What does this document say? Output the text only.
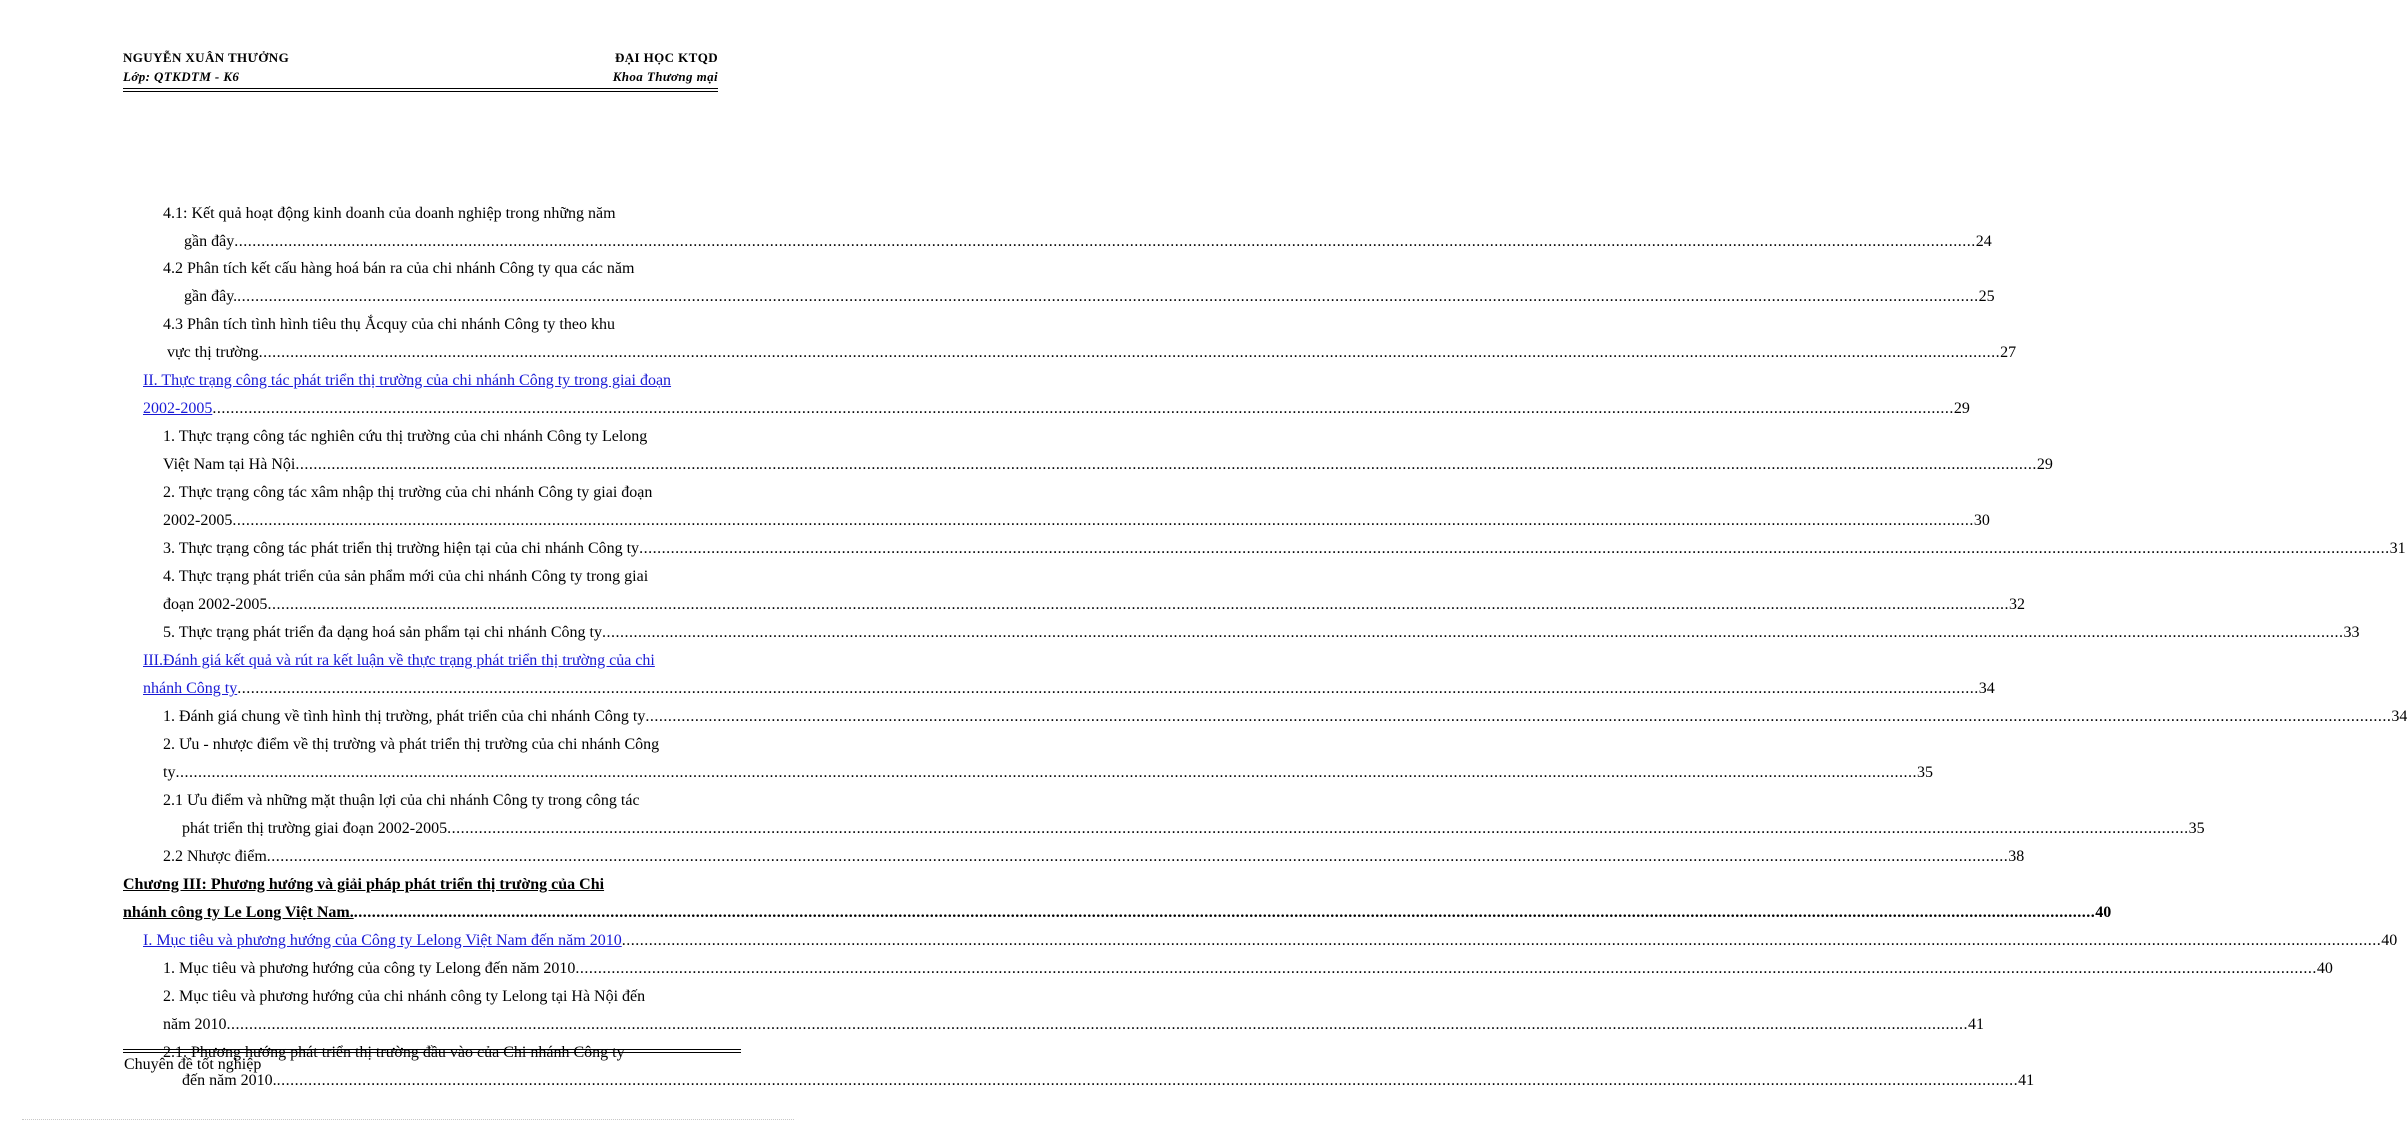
NGUYỄN XUÂN THƯỞNG	ĐẠI HỌC KTQD
Lớp: QTKDTM - K6	Khoa Thương mại
4.1: Kết quả hoạt động kinh doanh của doanh nghiệp trong những năm
gần đây .....	24
4.2 Phân tích kết cấu hàng hoá bán ra của chi nhánh Công ty qua các năm
gần đây. .....	25
4.3 Phân tích tình hình tiêu thụ Ắcquy của chi nhánh Công ty theo khu
vực thị trường .....	27
II. Thực trạng công tác phát triển thị trường của chi nhánh Công ty trong giai đoạn
2002-2005 .....	29
1. Thực trạng công tác nghiên cứu thị trường của chi nhánh Công ty Lelong
Việt Nam tại Hà Nội .....	29
2. Thực trạng công tác xâm nhập thị trường của chi nhánh Công ty giai đoạn
2002-2005 .....	30
3. Thực trạng công tác phát triển thị trường hiện tại của chi nhánh Công ty	..... .. 31
4. Thực trạng phát triển của sản phẩm mới của chi nhánh Công ty trong giai
đoạn 2002-2005 .....	32
5. Thực trạng phát triển đa dạng hoá sản phẩm tại chi nhánh Công ty .....	33
III.Đánh giá kết quả và rút ra kết luận về thực trạng phát triển thị trường của chi
nhánh Công ty .....	34
1. Đánh giá chung về tình hình thị trường, phát triển của chi nhánh Công ty	..... . 34
2. Ưu - nhược điểm về thị trường và phát triển thị trường của chi nhánh Công
ty .....	35
2.1 Ưu điểm và những mặt thuận lợi của chi nhánh Công ty trong công tác
phát triển thị trường giai đoạn 2002-2005 .....	35
2.2 Nhược điểm .....	38
Chương III: Phương hướng và giải pháp phát triển thị trường của Chi
nhánh công ty Le Long Việt Nam. .....	40
I. Mục tiêu và phương hướng của Công ty Lelong Việt Nam đến năm 2010	..... .... 40
1. Mục tiêu và phương hướng của công ty Lelong đến năm 2010 .....	40
2. Mục tiêu và phương hướng của chi nhánh công ty Lelong tại Hà Nội đến
năm 2010 .....	41
2.1. Phương hướng phát triển thị trường đầu vào của Chi nhánh Công ty
đến năm 2010. .....	41
Chuyên đề tốt nghiệp
